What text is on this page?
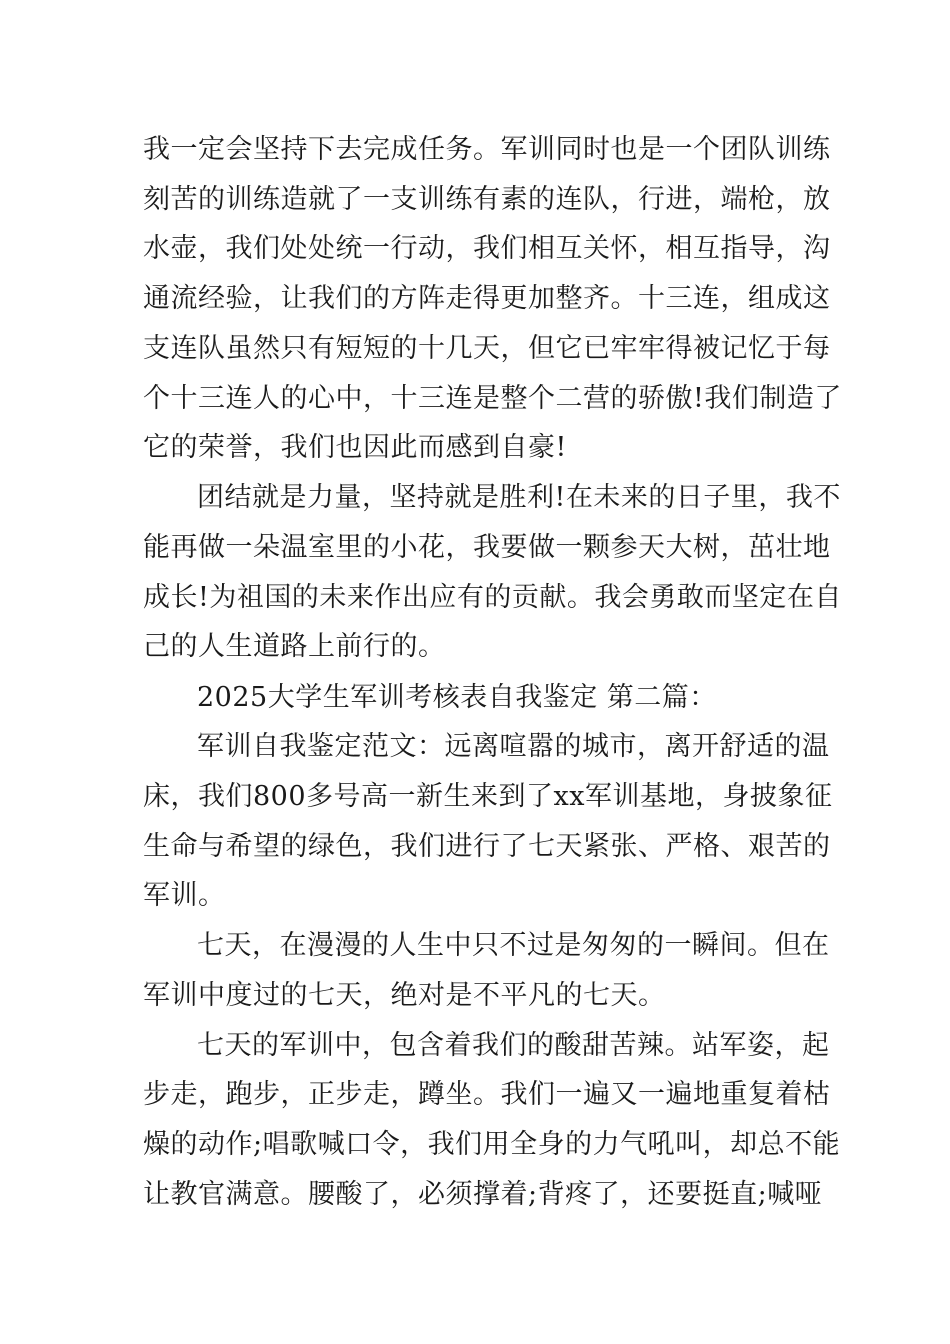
我一定会坚持下去完成任务。军训同时也是一个团队训练
刻苦的训练造就了一支训练有素的连队，行进，端枪，放
水壶，我们处处统一行动，我们相互关怀，相互指导，沟
通流经验，让我们的方阵走得更加整齐。十三连，组成这
支连队虽然只有短短的十几天，但它已牢牢得被记忆于每
个十三连人的心中，十三连是整个二营的骄傲!我们制造了
它的荣誉，我们也因此而感到自豪!
团结就是力量，坚持就是胜利!在未来的日子里，我不
能再做一朵温室里的小花，我要做一颗参天大树，茁壮地
成长!为祖国的未来作出应有的贡献。我会勇敢而坚定在自
己的人生道路上前行的。
2025大学生军训考核表自我鉴定 第二篇：
军训自我鉴定范文：远离喧嚣的城市，离开舒适的温
床，我们800多号高一新生来到了xx军训基地，身披象征
生命与希望的绿色，我们进行了七天紧张、严格、艰苦的
军训。
七天，在漫漫的人生中只不过是匆匆的一瞬间。但在
军训中度过的七天，绝对是不平凡的七天。
七天的军训中，包含着我们的酸甜苦辣。站军姿，起
步走，跑步，正步走，蹲坐。我们一遍又一遍地重复着枯
燥的动作;唱歌喊口令，我们用全身的力气吼叫，却总不能
让教官满意。腰酸了，必须撑着;背疼了，还要挺直;喊哑
